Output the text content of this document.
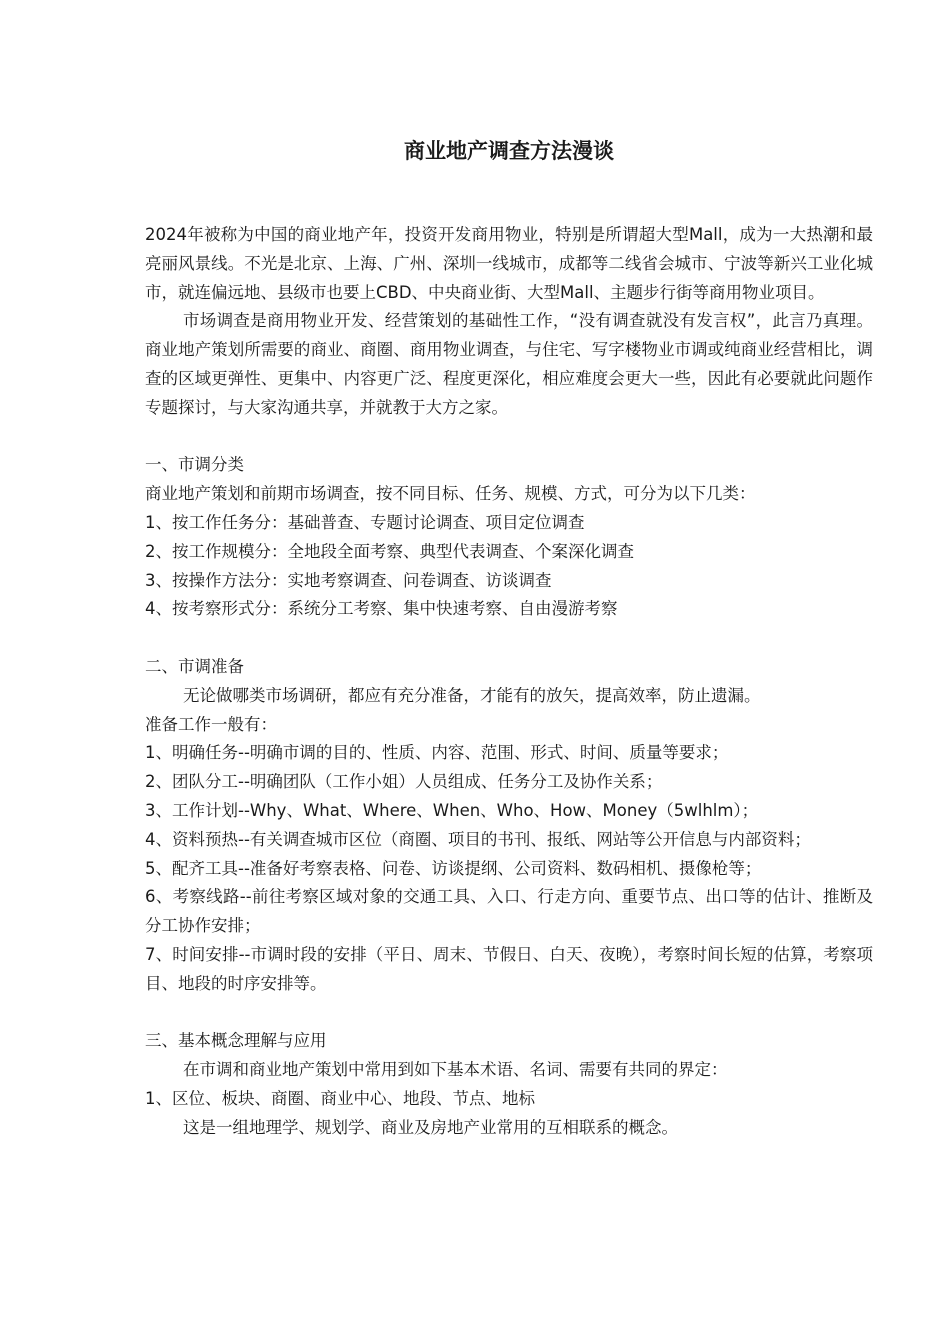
商业地产调查方法漫谈

2024年被称为中国的商业地产年，投资开发商用物业，特别是所谓超大型Mall，成为一大热潮和最亮丽风景线。不光是北京、上海、广州、深圳一线城市，成都等二线省会城市、宁波等新兴工业化城市，就连偏远地、县级市也要上CBD、中央商业街、大型Mall、主题步行街等商用物业项目。

市场调查是商用物业开发、经营策划的基础性工作，“没有调查就没有发言权”，此言乃真理。商业地产策划所需要的商业、商圈、商用物业调查，与住宅、写字楼物业市调或纯商业经营相比，调查的区域更弹性、更集中、内容更广泛、程度更深化，相应难度会更大一些，因此有必要就此问题作专题探讨，与大家沟通共享，并就教于大方之家。

一、市调分类

商业地产策划和前期市场调查，按不同目标、任务、规模、方式，可分为以下几类：

1、按工作任务分：基础普查、专题讨论调查、项目定位调查

2、按工作规模分：全地段全面考察、典型代表调查、个案深化调查

3、按操作方法分：实地考察调查、问卷调查、访谈调查

4、按考察形式分：系统分工考察、集中快速考察、自由漫游考察

二、市调准备

无论做哪类市场调研，都应有充分准备，才能有的放矢，提高效率，防止遗漏。

准备工作一般有：

1、明确任务--明确市调的目的、性质、内容、范围、形式、时间、质量等要求；

2、团队分工--明确团队（工作小姐）人员组成、任务分工及协作关系；

3、工作计划--Why、What、Where、When、Who、How、Money（5wlhlm）；

4、资料预热--有关调查城市区位（商圈、项目的书刊、报纸、网站等公开信息与内部资料；

5、配齐工具--准备好考察表格、问卷、访谈提纲、公司资料、数码相机、摄像枪等；

6、考察线路--前往考察区域对象的交通工具、入口、行走方向、重要节点、出口等的估计、推断及分工协作安排；

7、时间安排--市调时段的安排（平日、周末、节假日、白天、夜晚），考察时间长短的估算，考察项目、地段的时序安排等。

三、基本概念理解与应用

在市调和商业地产策划中常用到如下基本术语、名词、需要有共同的界定：

1、区位、板块、商圈、商业中心、地段、节点、地标

这是一组地理学、规划学、商业及房地产业常用的互相联系的概念。
